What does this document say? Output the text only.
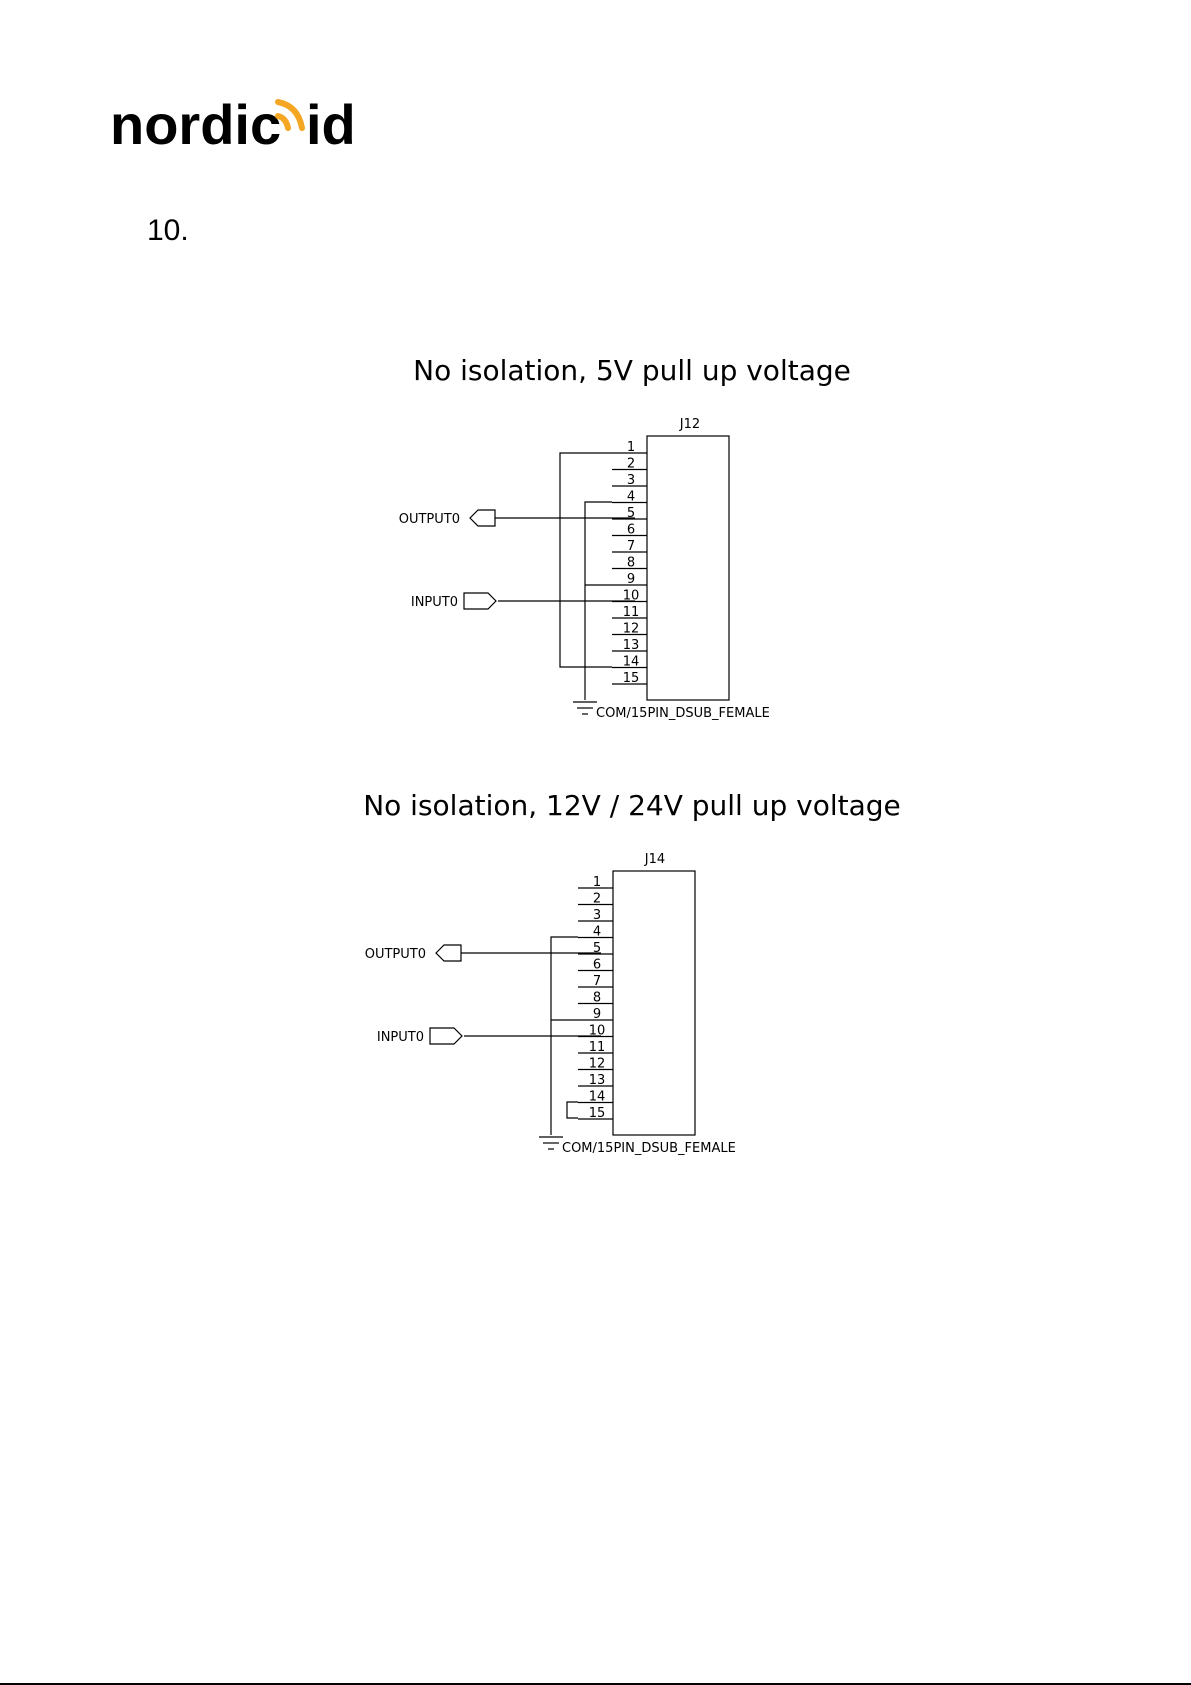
nordic id
10.
No isolation, 5V pull up voltage
J12
1
2
3
4
5
6
7
8
9
10
11
12
13
14
15
COM/15PIN_DSUB_FEMALE
OUTPUT0
INPUT0
No isolation, 12V / 24V pull up voltage
J14
1
2
3
4
5
6
7
8
9
10
11
12
13
14
15
COM/15PIN_DSUB_FEMALE
OUTPUT0
INPUT0
